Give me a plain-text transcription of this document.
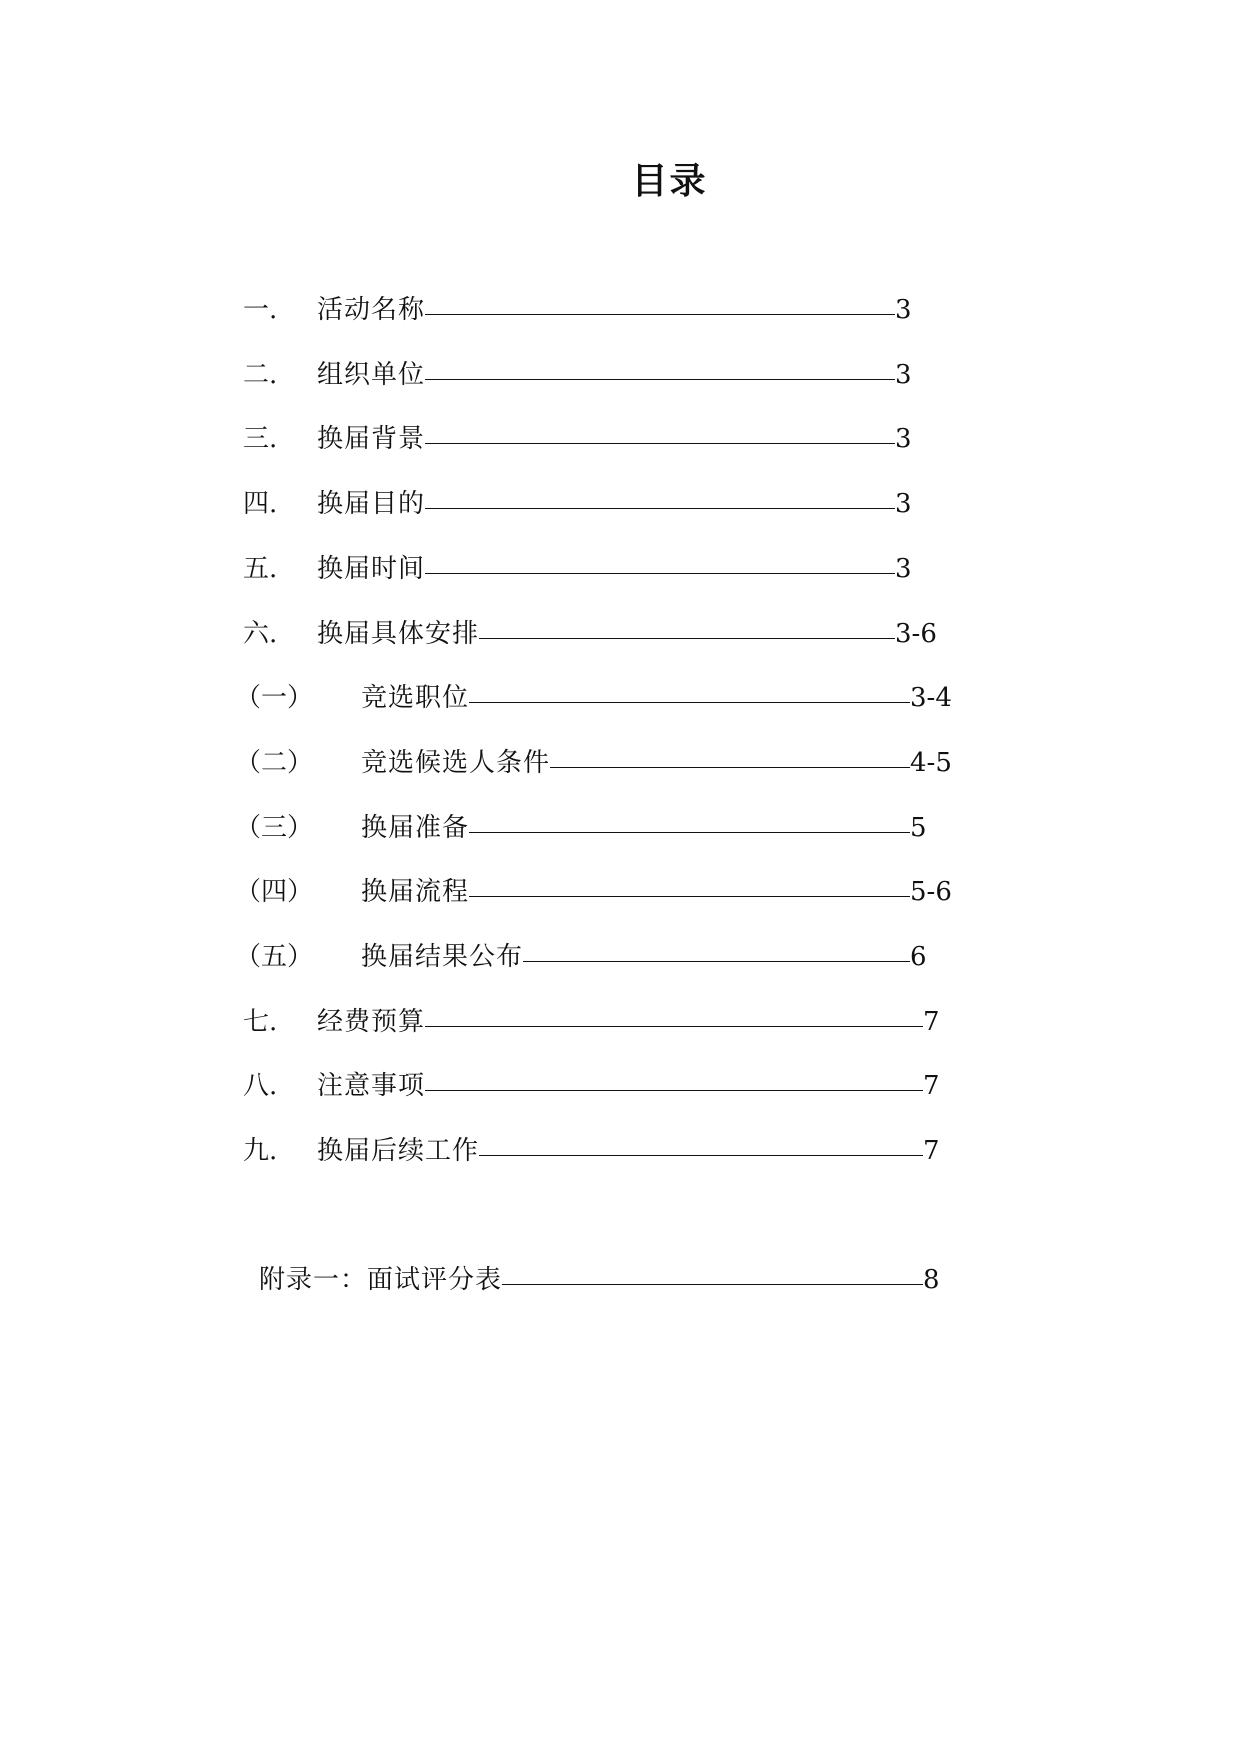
目录
一. 活动名称	3
二. 组织单位	3
三. 换届背景	3
四. 换届目的	3
五. 换届时间	3
六. 换届具体安排	3-6
（一） 竞选职位	3-4
（二） 竞选候选人条件	4-5
（三） 换届准备	5
（四） 换届流程	5-6
（五） 换届结果公布	6
七. 经费预算	7
八. 注意事项	7
九. 换届后续工作	7
附录一：面试评分表	8
